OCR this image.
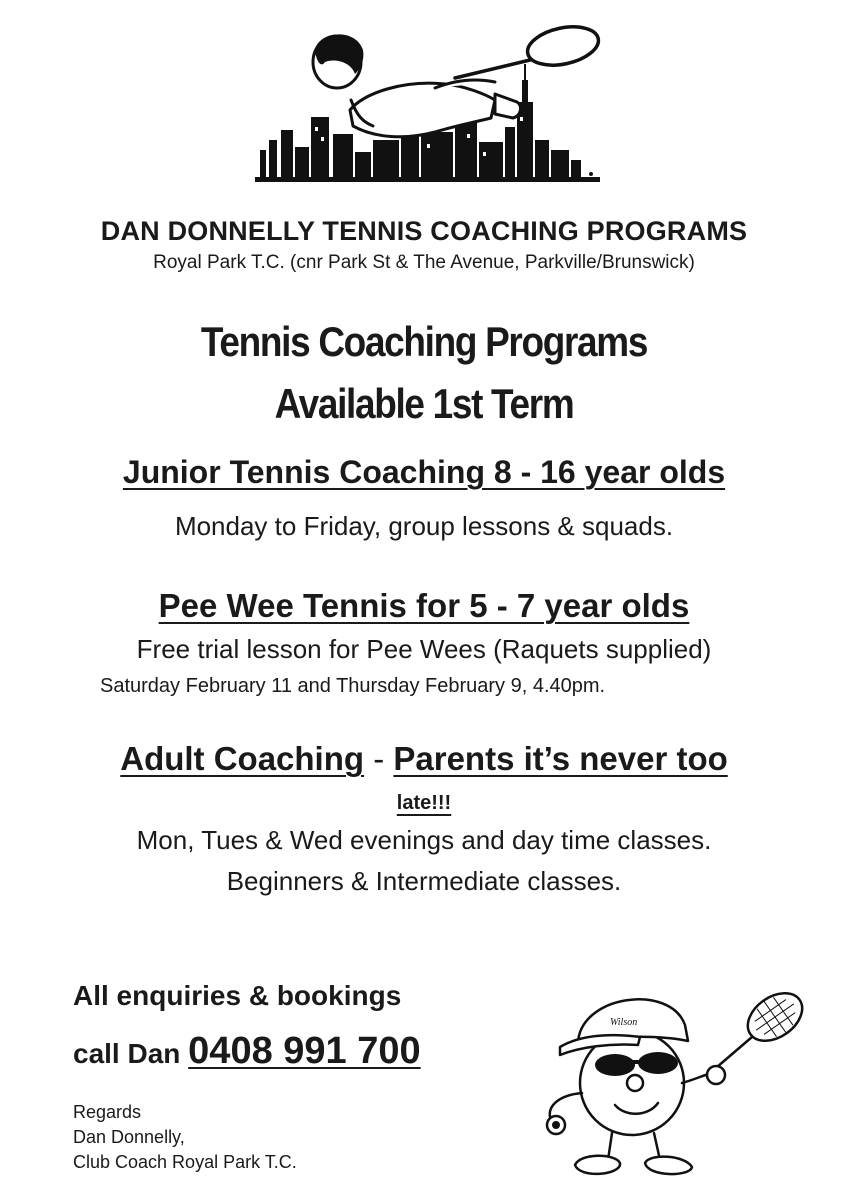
DAN DONNELLY TENNIS COACHING PROGRAMS
Royal Park T.C. (cnr Park St & The Avenue, Parkville/Brunswick)
Tennis Coaching Programs
Available 1st Term
Junior Tennis Coaching 8 - 16 year olds
Monday to Friday, group lessons & squads.
Pee Wee Tennis for 5 - 7 year olds
Free trial lesson for Pee Wees (Raquets supplied)
Saturday February 11 and Thursday February 9, 4.40pm.
Adult Coaching - Parents it’s never too
late!!!
Mon, Tues & Wed evenings and day time classes.
Beginners & Intermediate classes.
All enquiries & bookings
call Dan 0408 991 700
Regards
Dan Donnelly,
Club Coach Royal Park T.C.
Wilson
